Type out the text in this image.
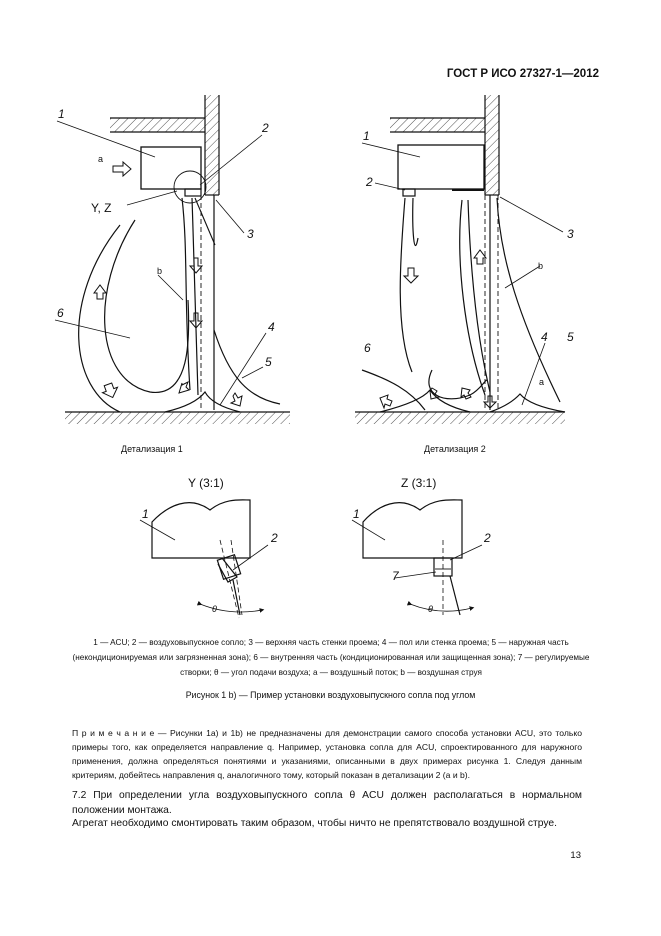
ГОСТ Р ИСО 27327-1—2012
1
2
3
4
5
6
Y, Z
a
b
Детализация 1
1
2
3
4 5
6
b
a
Детализация 2
Y (3:1)
1
2
θ
Z (3:1)
1
2
7
θ
1 — ACU; 2 — воздуховыпускное сопло; 3 — верхняя часть стенки проема; 4 — пол или стенка проема; 5 — наружная часть (некондиционируемая или загрязненная зона); 6 — внутренняя часть (кондиционированная или защищенная зона); 7 — регулируемые створки; θ — угол подачи воздуха; a — воздушный поток; b — воздушная струя
Рисунок 1 b) — Пример установки воздуховыпускного сопла под углом
П р и м е ч а н и е — Рисунки 1a) и 1b) не предназначены для демонстрации самого способа установки ACU, это только примеры того, как определяется направление q. Например, установка сопла для ACU, спроектированного для наружного применения, должна определяться понятиями и указаниями, описанными в двух примерах рисунка 1. Следуя данным критериям, добейтесь направления q, аналогичного тому, который показан в детализации 2 (a и b).
7.2 При определении угла воздуховыпускного сопла θ ACU должен располагаться в нормальном положении монтажа.
Агрегат необходимо смонтировать таким образом, чтобы ничто не препятствовало воздушной струе.
13
